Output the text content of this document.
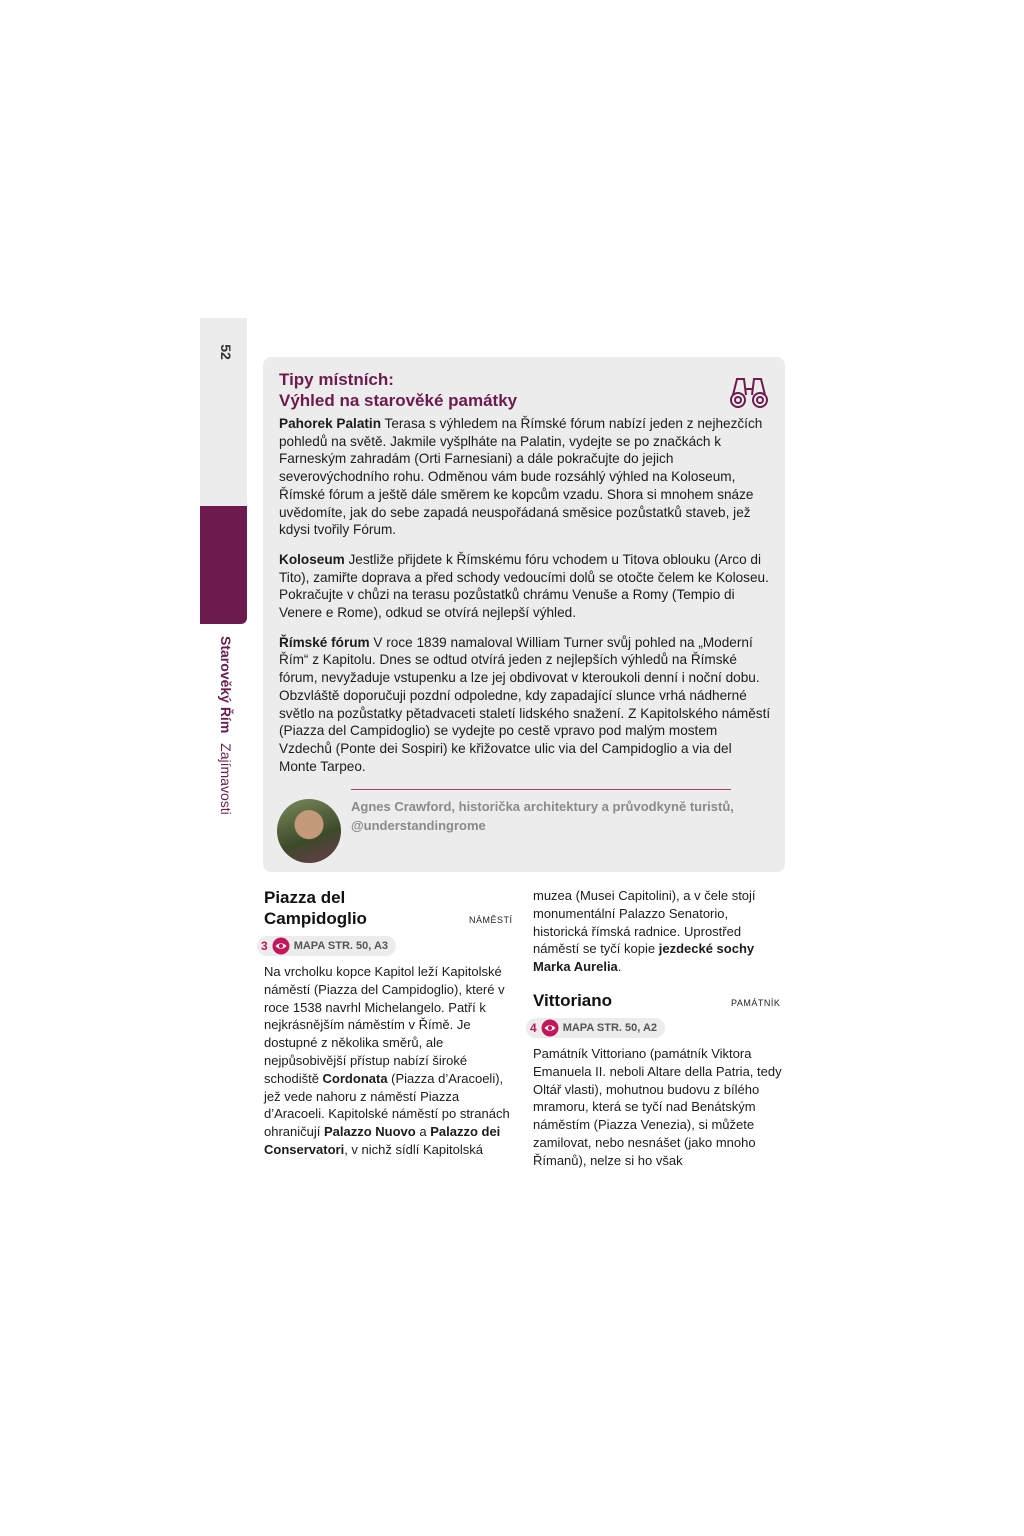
52
Starověký Řím Zajímavosti
Tipy místních:
Výhled na starověké památky

Pahorek Palatin Terasa s výhledem na Římské fórum nabízí jeden z nejhezčích pohledů na světě. Jakmile vyšplháte na Palatin, vydejte se po značkách k Farneským zahradám (Orti Farnesiani) a dále pokračujte do jejich severovýchodního rohu. Odměnou vám bude rozsáhlý výhled na Koloseum, Římské fórum a ještě dále směrem ke kopcům vzadu. Shora si mnohem snáze uvědomíte, jak do sebe zapadá neuspořádaná směsice pozůstatků staveb, jež kdysi tvořily Fórum.

Koloseum Jestliže přijdete k Římskému fóru vchodem u Titova oblouku (Arco di Tito), zamiřte doprava a před schody vedoucími dolů se otočte čelem ke Koloseu. Pokračujte v chůzi na terasu pozůstatků chrámu Venuše a Romy (Tempio di Venere e Rome), odkud se otvírá nejlepší výhled.

Římské fórum V roce 1839 namaloval William Turner svůj pohled na „Moderní Řím“ z Kapitolu. Dnes se odtud otvírá jeden z nejlepších výhledů na Římské fórum, nevyžaduje vstupenku a lze jej obdivovat v kteroukoli denní i noční dobu. Obzvláště doporučuji pozdní odpoledne, kdy zapadající slunce vrhá nádherné světlo na pozůstatky pětadvaceti staletí lidského snažení. Z Kapitolského náměstí (Piazza del Campidoglio) se vydejte po cestě vpravo pod malým mostem Vzdechů (Ponte dei Sospiri) ke křižovatce ulic via del Campidoglio a via del Monte Tarpeo.

Agnes Crawford, historička architektury a průvodkyně turistů,
@understandingrome
Piazza del
Campidoglio	NÁMĚSTÍ
3 MAPA STR. 50, A3

Na vrcholku kopce Kapitol leží Kapitolské náměstí (Piazza del Campidoglio), které v roce 1538 navrhl Michelangelo. Patří k nejkrásnějším náměstím v Římě. Je dostupné z několika směrů, ale nejpůsobivější přístup nabízí široké schodiště Cordonata (Piazza d’Aracoeli), jež vede nahoru z náměstí Piazza d’Aracoeli. Kapitolské náměstí po stranách ohraničují Palazzo Nuovo a Palazzo dei Conservatori, v nichž sídlí Kapitolská

muzea (Musei Capitolini), a v čele stojí monumentální Palazzo Senatorio, historická římská radnice. Uprostřed náměstí se tyčí kopie jezdecké sochy Marka Aurelia.

Vittoriano	PAMÁTNÍK
4 MAPA STR. 50, A2

Památník Vittoriano (památník Viktora Emanuela II. neboli Altare della Patria, tedy Oltář vlasti), mohutnou budovu z bílého mramoru, která se tyčí nad Benátským náměstím (Piazza Venezia), si můžete zamilovat, nebo nesnášet (jako mnoho Římanů), nelze si ho však
